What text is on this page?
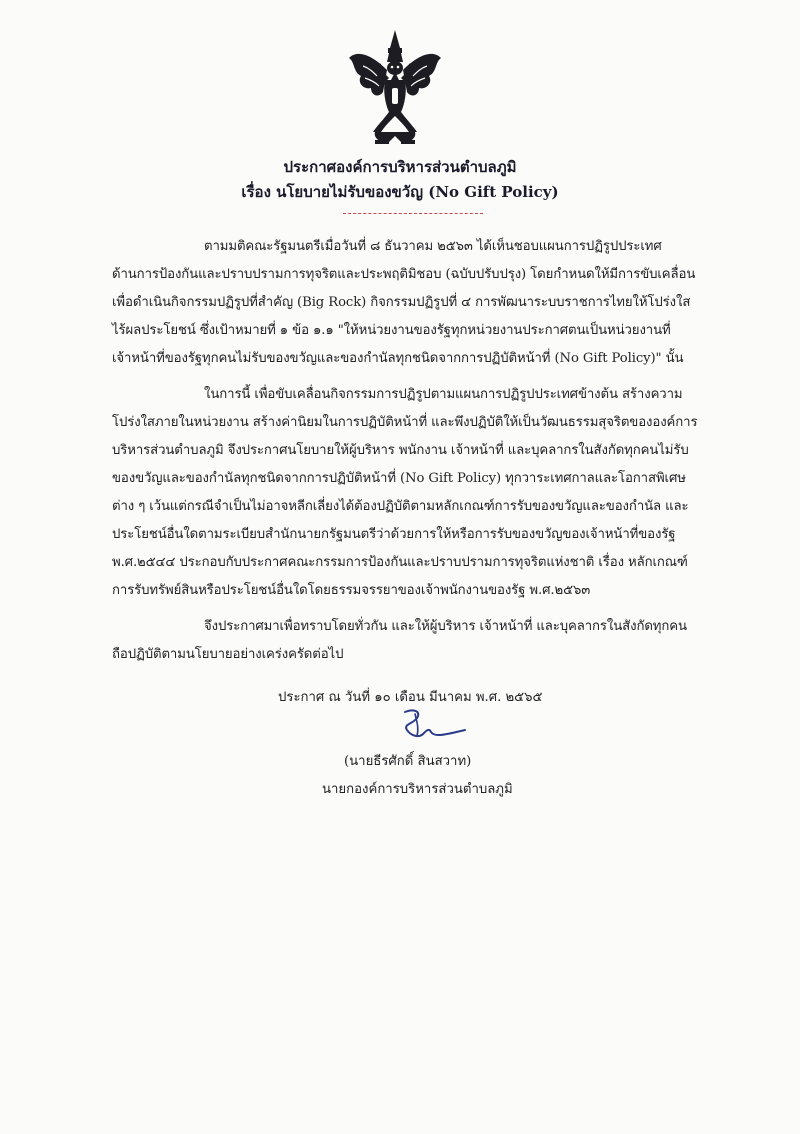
ประกาศองค์การบริหารส่วนตำบลภูมิ
เรื่อง นโยบายไม่รับของขวัญ (No Gift Policy)
ตามมติคณะรัฐมนตรีเมื่อวันที่ ๘ ธันวาคม ๒๕๖๓ ได้เห็นชอบแผนการปฏิรูปประเทศ
ด้านการป้องกันและปราบปรามการทุจริตและประพฤติมิชอบ (ฉบับปรับปรุง) โดยกำหนดให้มีการขับเคลื่อน
เพื่อดำเนินกิจกรรมปฏิรูปที่สำคัญ (Big Rock) กิจกรรมปฏิรูปที่ ๔ การพัฒนาระบบราชการไทยให้โปร่งใส
ไร้ผลประโยชน์ ซึ่งเป้าหมายที่ ๑ ข้อ ๑.๑ "ให้หน่วยงานของรัฐทุกหน่วยงานประกาศตนเป็นหน่วยงานที่
เจ้าหน้าที่ของรัฐทุกคนไม่รับของขวัญและของกำนัลทุกชนิดจากการปฏิบัติหน้าที่ (No Gift Policy)" นั้น
ในการนี้ เพื่อขับเคลื่อนกิจกรรมการปฏิรูปตามแผนการปฏิรูปประเทศข้างต้น สร้างความ
โปร่งใสภายในหน่วยงาน สร้างค่านิยมในการปฏิบัติหน้าที่ และพึงปฏิบัติให้เป็นวัฒนธรรมสุจริตขององค์การ
บริหารส่วนตำบลภูมิ จึงประกาศนโยบายให้ผู้บริหาร พนักงาน เจ้าหน้าที่ และบุคลากรในสังกัดทุกคนไม่รับ
ของขวัญและของกำนัลทุกชนิดจากการปฏิบัติหน้าที่ (No Gift Policy) ทุกวาระเทศกาลและโอกาสพิเศษ
ต่าง ๆ เว้นแต่กรณีจำเป็นไม่อาจหลีกเลี่ยงได้ต้องปฏิบัติตามหลักเกณฑ์การรับของขวัญและของกำนัล และ
ประโยชน์อื่นใดตามระเบียบสำนักนายกรัฐมนตรีว่าด้วยการให้หรือการรับของขวัญของเจ้าหน้าที่ของรัฐ
พ.ศ.๒๕๔๔ ประกอบกับประกาศคณะกรรมการป้องกันและปราบปรามการทุจริตแห่งชาติ เรื่อง หลักเกณฑ์
การรับทรัพย์สินหรือประโยชน์อื่นใดโดยธรรมจรรยาของเจ้าพนักงานของรัฐ พ.ศ.๒๕๖๓
จึงประกาศมาเพื่อทราบโดยทั่วกัน และให้ผู้บริหาร เจ้าหน้าที่ และบุคลากรในสังกัดทุกคน
ถือปฏิบัติตามนโยบายอย่างเคร่งครัดต่อไป
ประกาศ ณ วันที่ ๑๐ เดือน มีนาคม พ.ศ. ๒๕๖๕
(นายธีรศักดิ์ สินสวาท)
นายกองค์การบริหารส่วนตำบลภูมิ
